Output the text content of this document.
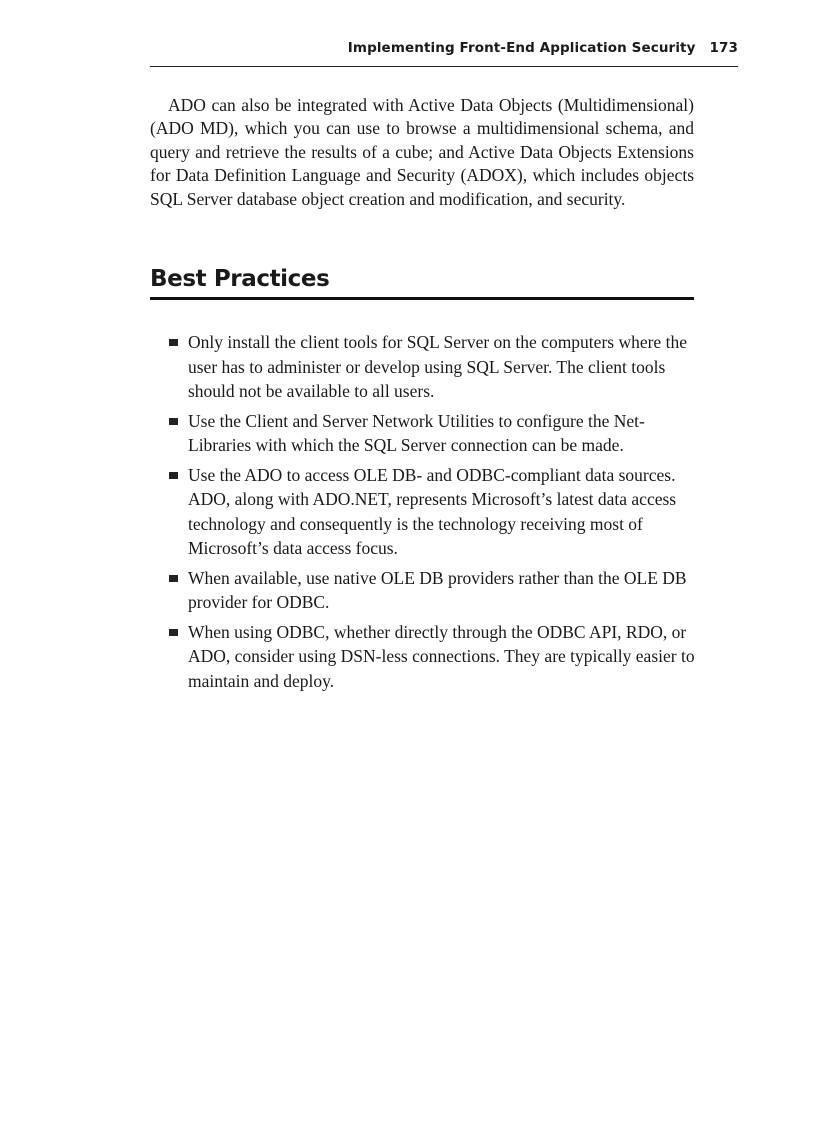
Implementing Front-End Application Security 173

ADO can also be integrated with Active Data Objects (Multidimensional) (ADO MD), which you can use to browse a multidimensional schema, and query and retrieve the results of a cube; and Active Data Objects Extensions for Data Definition Language and Security (ADOX), which includes objects SQL Server database object creation and modification, and security.

Best Practices
Only install the client tools for SQL Server on the computers where the user has to administer or develop using SQL Server. The client tools should not be available to all users.
Use the Client and Server Network Utilities to configure the Net-Libraries with which the SQL Server connection can be made.
Use the ADO to access OLE DB- and ODBC-compliant data sources. ADO, along with ADO.NET, represents Microsoft’s latest data access technology and consequently is the technology receiving most of Microsoft’s data access focus.
When available, use native OLE DB providers rather than the OLE DB provider for ODBC.
When using ODBC, whether directly through the ODBC API, RDO, or ADO, consider using DSN-less connections. They are typically easier to maintain and deploy.
